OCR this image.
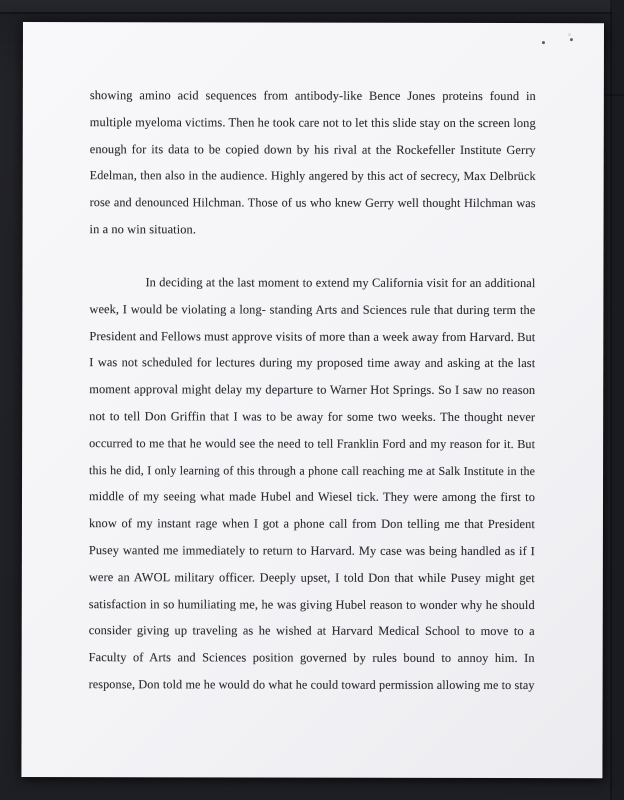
showing amino acid sequences from antibody-like Bence Jones proteins found in
multiple myeloma victims. Then he took care not to let this slide stay on the screen long
enough for its data to be copied down by his rival at the Rockefeller Institute Gerry
Edelman, then also in the audience. Highly angered by this act of secrecy, Max Delbrück
rose and denounced Hilchman. Those of us who knew Gerry well thought Hilchman was
in a no win situation.
In deciding at the last moment to extend my California visit for an additional
week, I would be violating a long- standing Arts and Sciences rule that during term the
President and Fellows must approve visits of more than a week away from Harvard. But
I was not scheduled for lectures during my proposed time away and asking at the last
moment approval might delay my departure to Warner Hot Springs. So I saw no reason
not to tell Don Griffin that I was to be away for some two weeks. The thought never
occurred to me that he would see the need to tell Franklin Ford and my reason for it. But
this he did, I only learning of this through a phone call reaching me at Salk Institute in the
middle of my seeing what made Hubel and Wiesel tick. They were among the first to
know of my instant rage when I got a phone call from Don telling me that President
Pusey wanted me immediately to return to Harvard. My case was being handled as if I
were an AWOL military officer. Deeply upset, I told Don that while Pusey might get
satisfaction in so humiliating me, he was giving Hubel reason to wonder why he should
consider giving up traveling as he wished at Harvard Medical School to move to a
Faculty of Arts and Sciences position governed by rules bound to annoy him. In
response, Don told me he would do what he could toward permission allowing me to stay
